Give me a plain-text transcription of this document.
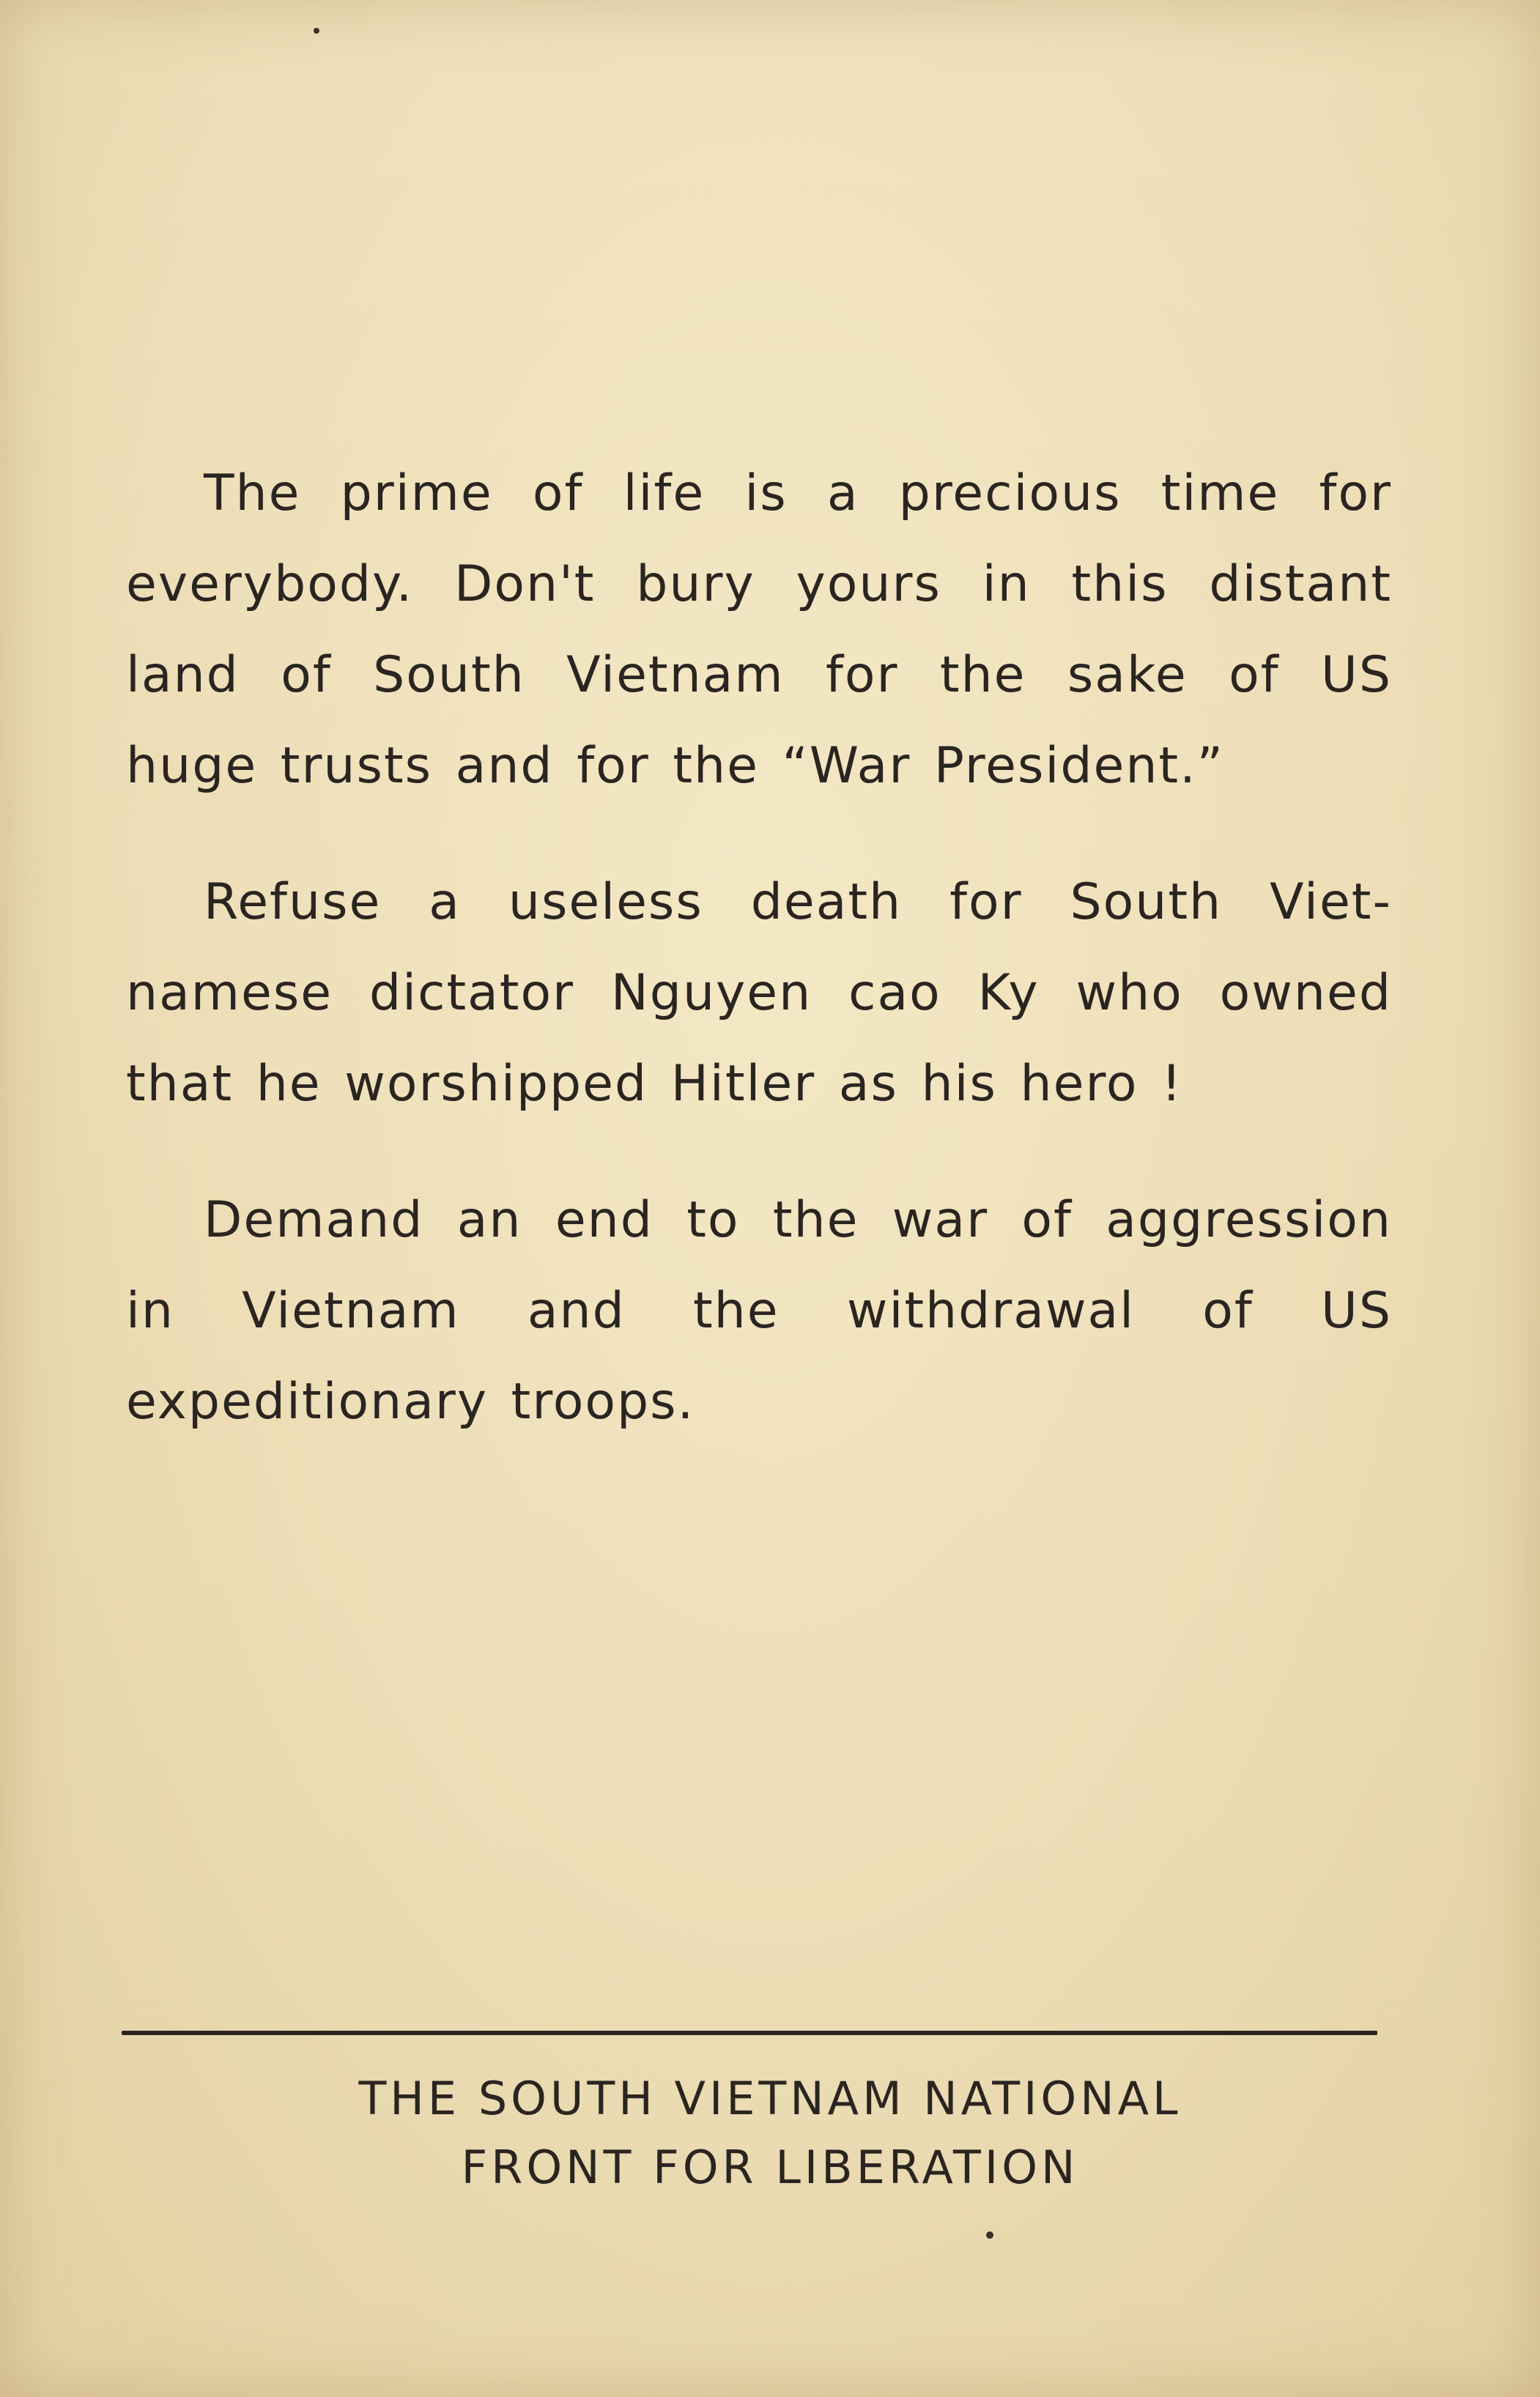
The prime of life is a precious time for everybody. Don't bury yours in this distant land of South Vietnam for the sake of US huge trusts and for the “War President.”

Refuse a useless death for South Viet-namese dictator Nguyen cao Ky who owned that he worshipped Hitler as his hero !

Demand an end to the war of aggression in Vietnam and the withdrawal of US expeditionary troops.

THE SOUTH VIETNAM NATIONAL
FRONT FOR LIBERATION
